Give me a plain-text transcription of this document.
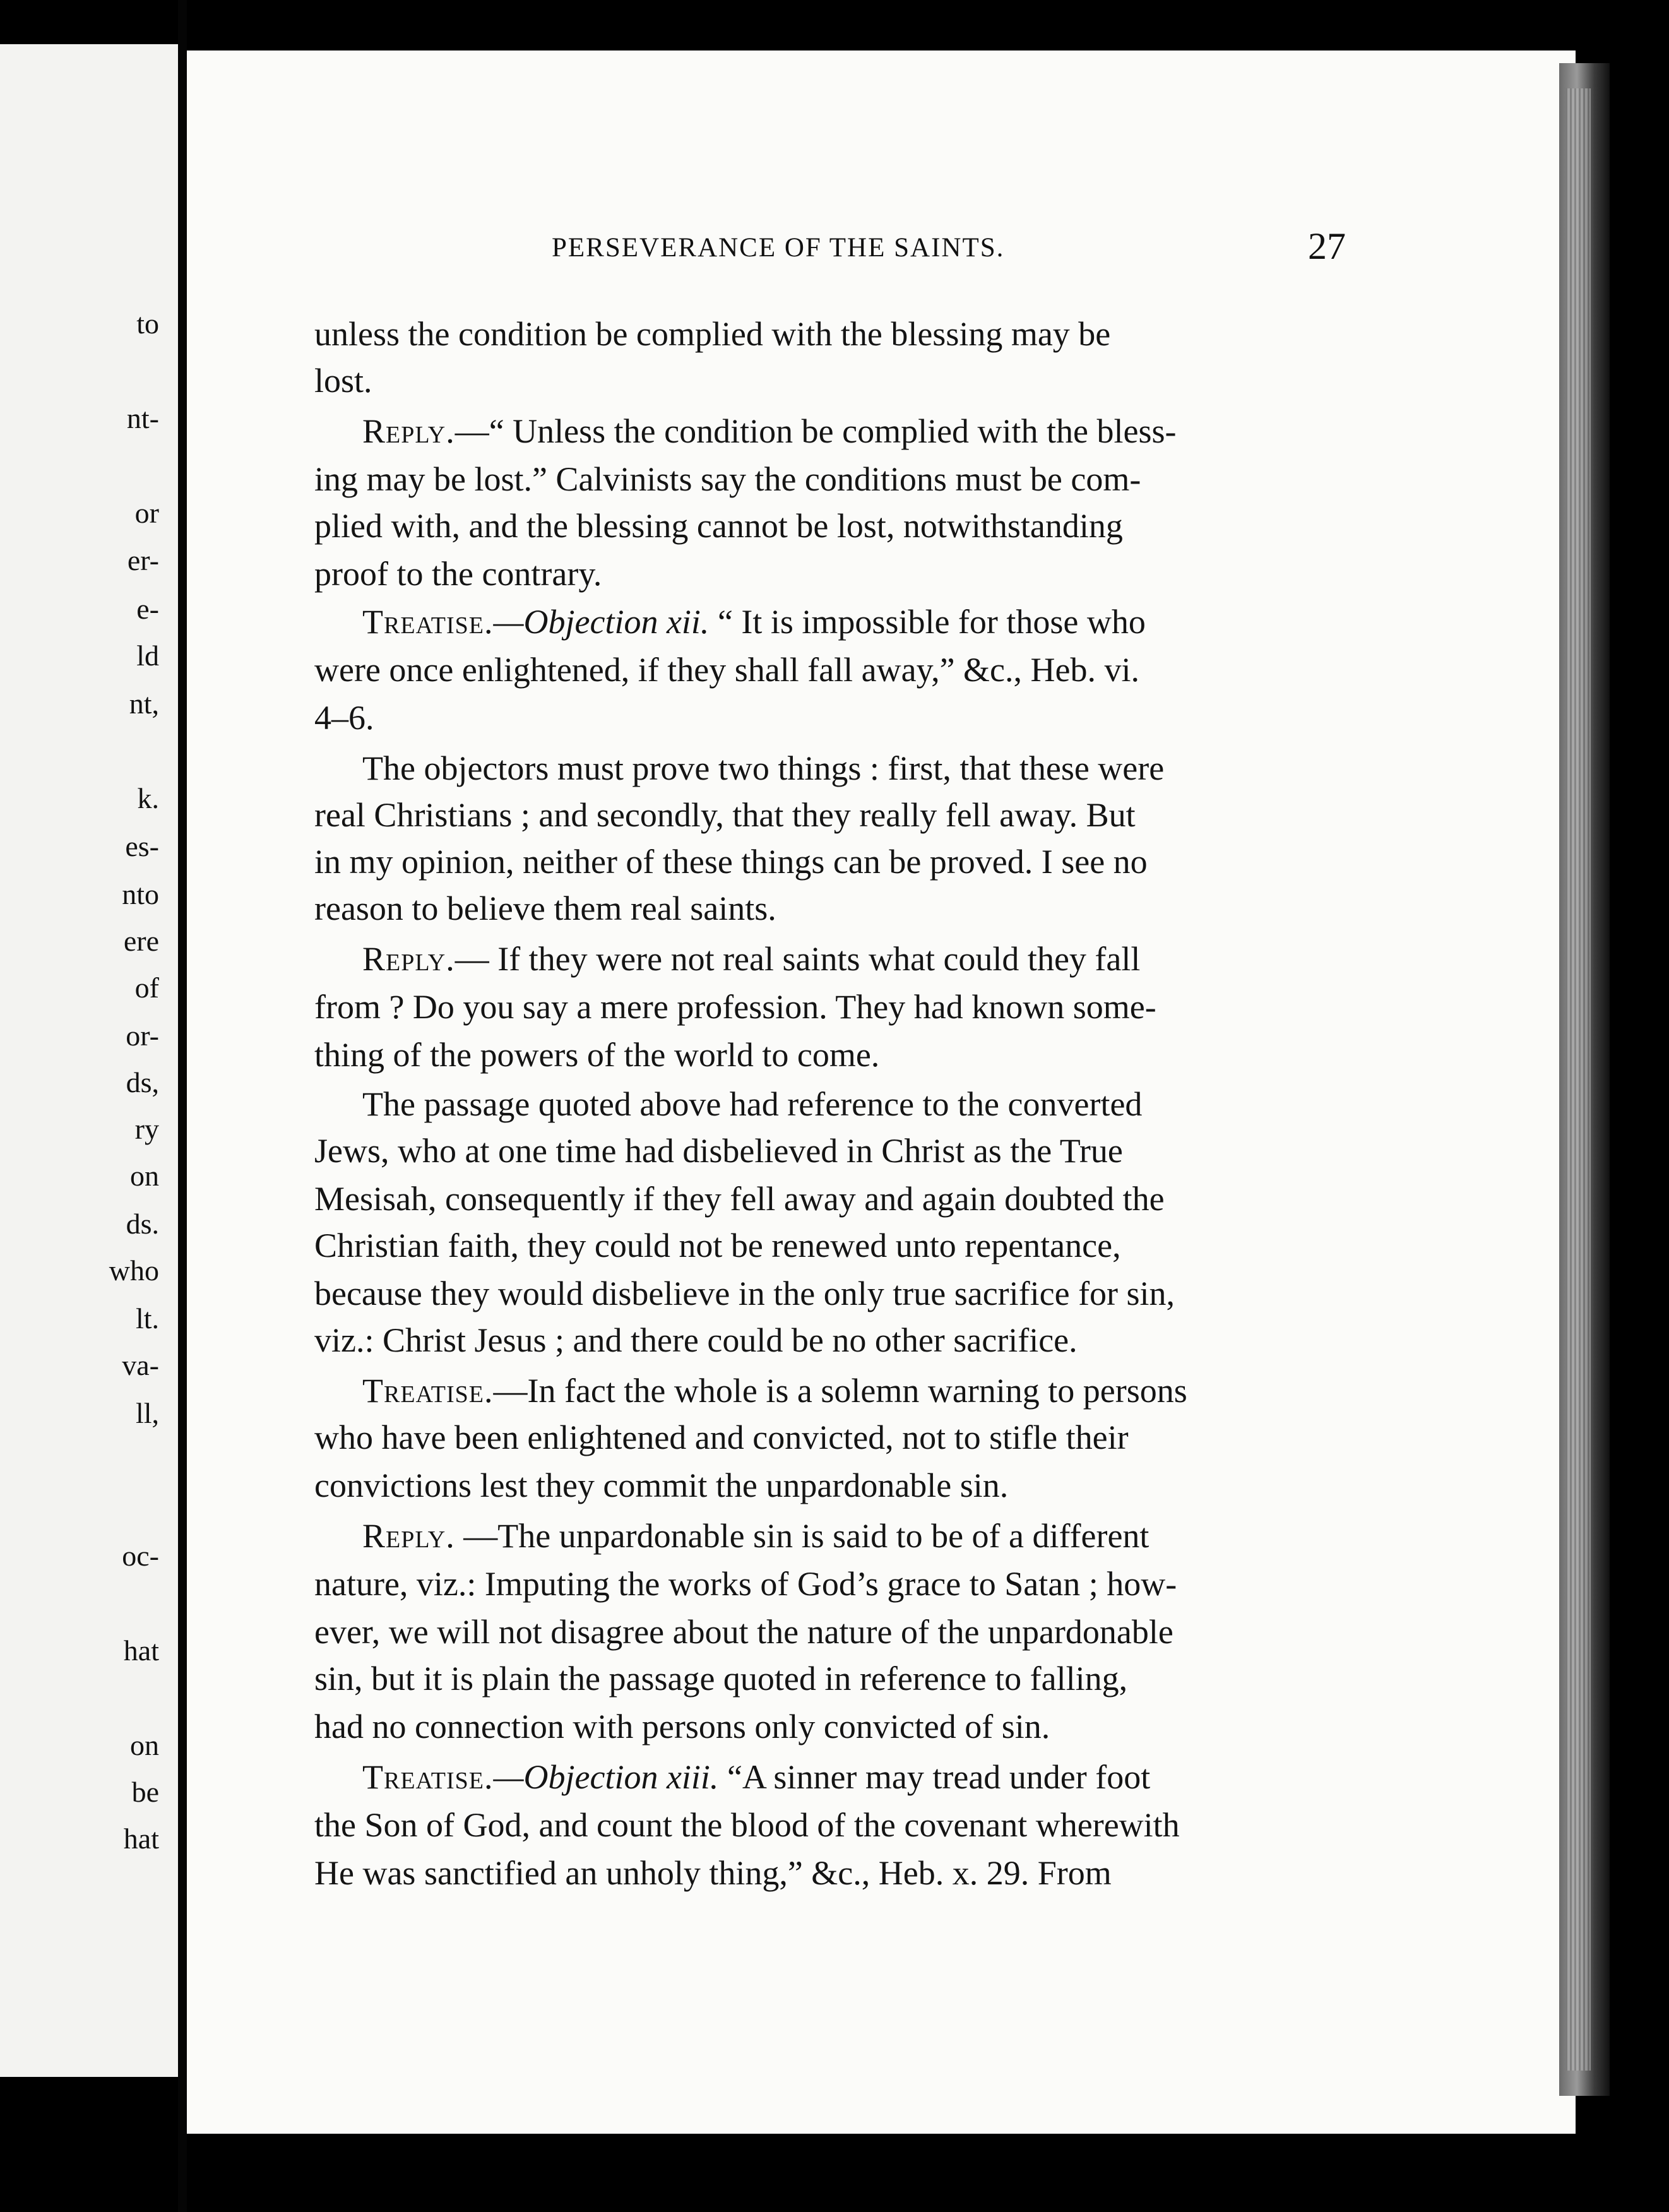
to
nt-
or
er-
e-
ld
nt,
k.
es-
nto
ere
of
or-
ds,
ry
on
ds.
who
lt.
va-
ll,
oc-
hat
on
be
hat
PERSEVERANCE OF THE SAINTS.	27
unless the condition be complied with the blessing may be
lost.
Reply.—“ Unless the condition be complied with the bless-
ing may be lost.” Calvinists say the conditions must be com-
plied with, and the blessing cannot be lost, notwithstanding
proof to the contrary.
Treatise.—Objection xii. “ It is impossible for those who
were once enlightened, if they shall fall away,” &c., Heb. vi.
4–6.
The objectors must prove two things : first, that these were
real Christians ; and secondly, that they really fell away. But
in my opinion, neither of these things can be proved. I see no
reason to believe them real saints.
Reply.— If they were not real saints what could they fall
from ? Do you say a mere profession. They had known some-
thing of the powers of the world to come.
The passage quoted above had reference to the converted
Jews, who at one time had disbelieved in Christ as the True
Mesisah, consequently if they fell away and again doubted the
Christian faith, they could not be renewed unto repentance,
because they would disbelieve in the only true sacrifice for sin,
viz.: Christ Jesus ; and there could be no other sacrifice.
Treatise.—In fact the whole is a solemn warning to persons
who have been enlightened and convicted, not to stifle their
convictions lest they commit the unpardonable sin.
Reply. —The unpardonable sin is said to be of a different
nature, viz.: Imputing the works of God’s grace to Satan ; how-
ever, we will not disagree about the nature of the unpardonable
sin, but it is plain the passage quoted in reference to falling,
had no connection with persons only convicted of sin.
Treatise.—Objection xiii. “A sinner may tread under foot
the Son of God, and count the blood of the covenant wherewith
He was sanctified an unholy thing,” &c., Heb. x. 29. From
